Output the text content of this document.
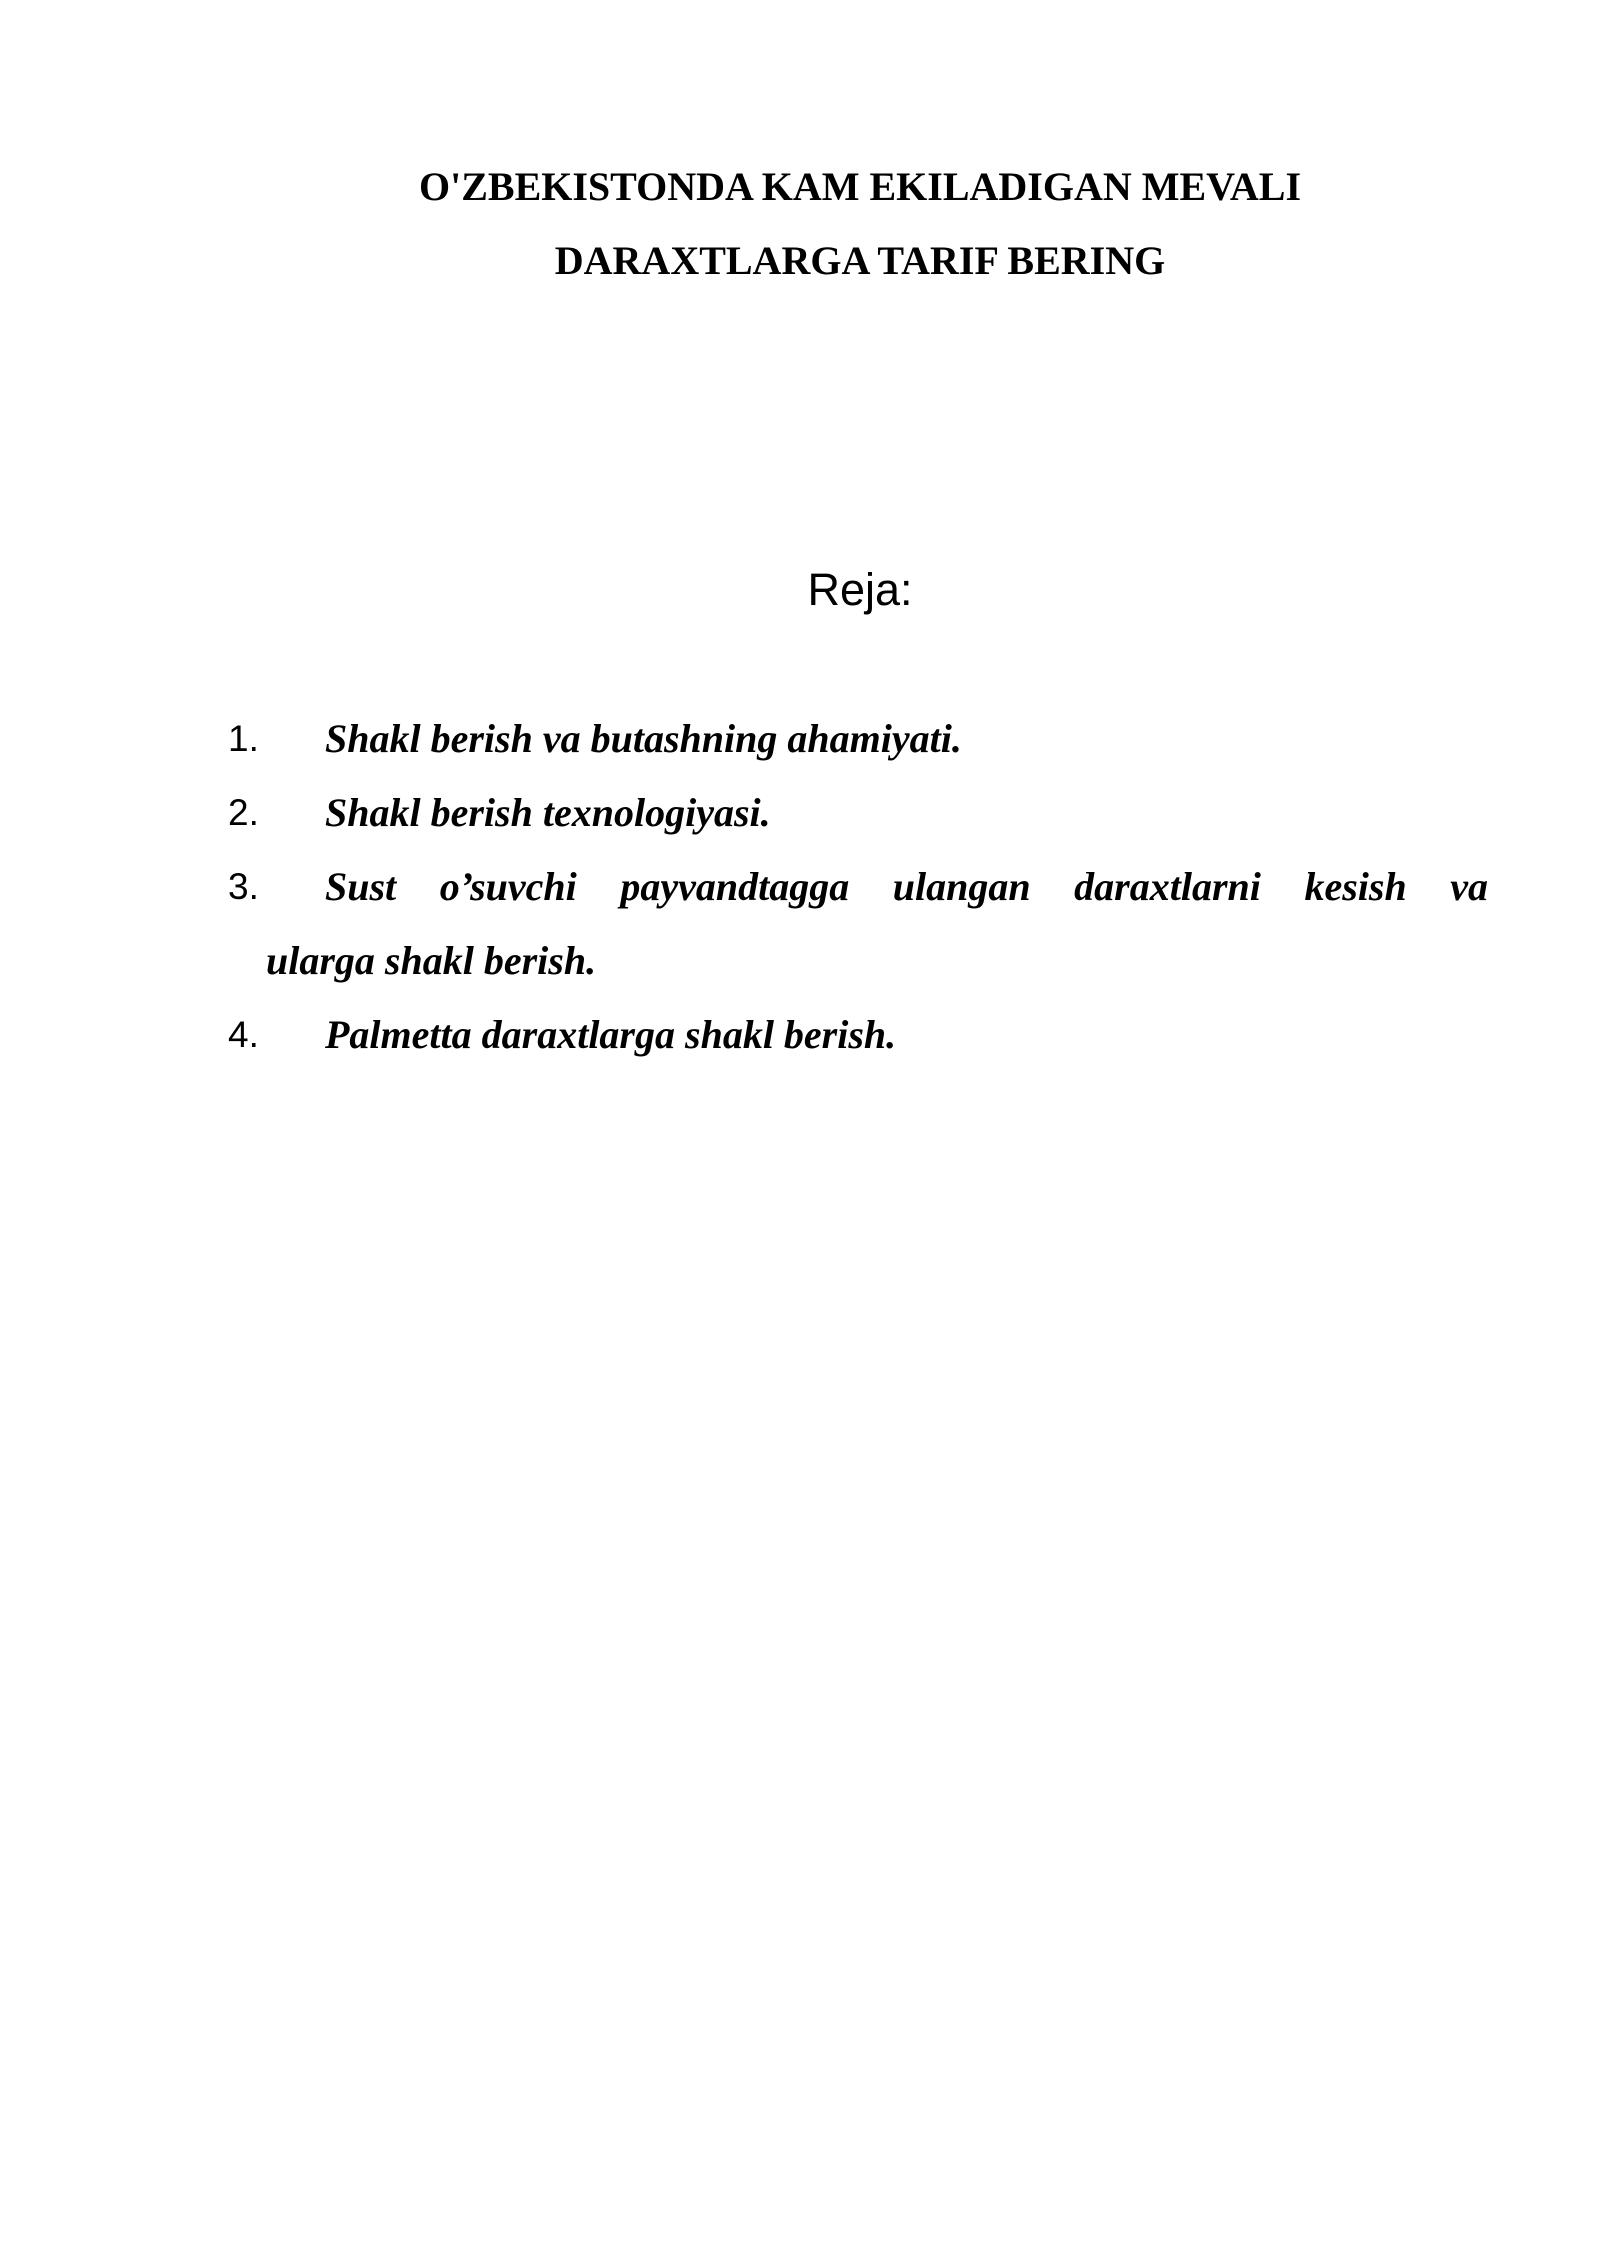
O'ZBEKISTONDA KAM EKILADIGAN MEVALI
DARAXTLARGA TARIF BERING
Reja:
1.	Shakl berish va butashning ahamiyati.
2.	Shakl berish texnologiyasi.
3. Sust o’suvchi payvandtagga ulangan daraxtlarni kesish va
ularga shakl berish.
4.	Palmetta daraxtlarga shakl berish.
